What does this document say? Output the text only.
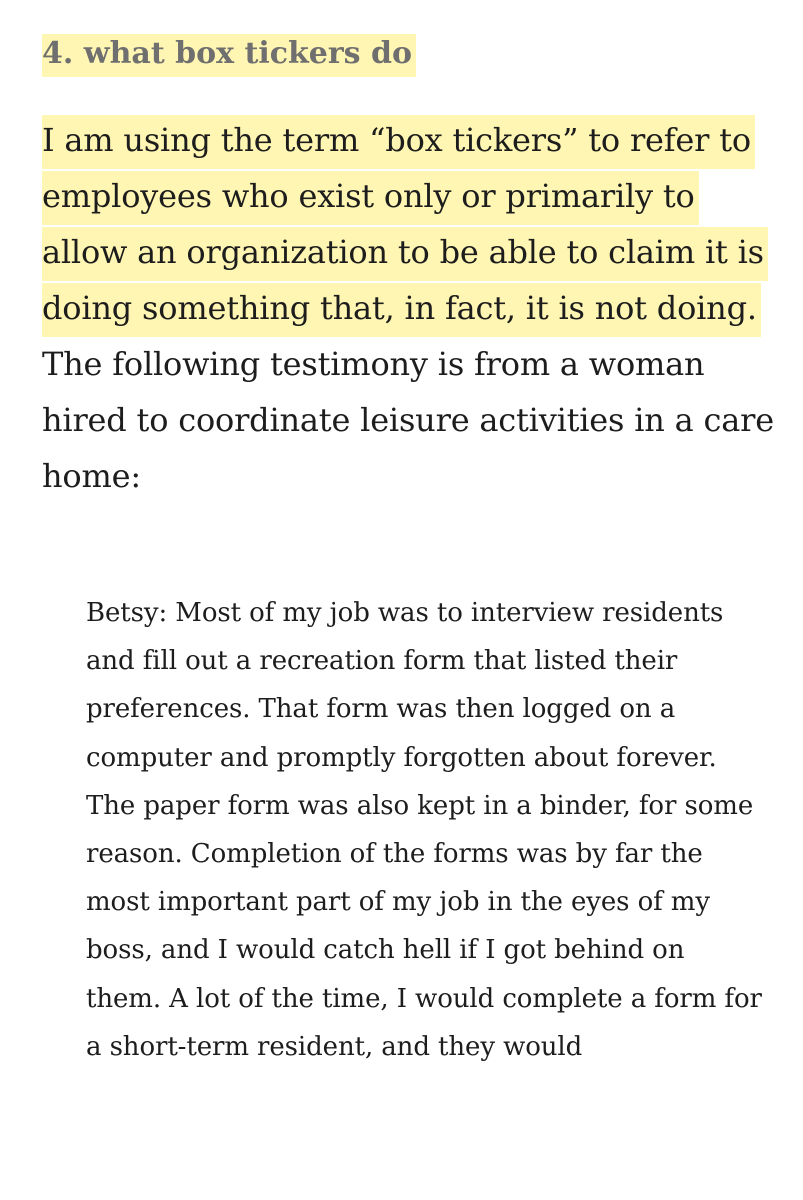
4. what box tickers do

I am using the term “box tickers” to refer to employees who exist only or primarily to allow an organization to be able to claim it is doing something that, in fact, it is not doing. The following testimony is from a woman hired to coordinate leisure activities in a care home:

Betsy: Most of my job was to interview residents and fill out a recreation form that listed their preferences. That form was then logged on a computer and promptly forgotten about forever. The paper form was also kept in a binder, for some reason. Completion of the forms was by far the most important part of my job in the eyes of my boss, and I would catch hell if I got behind on them. A lot of the time, I would complete a form for a short-term resident, and they would
